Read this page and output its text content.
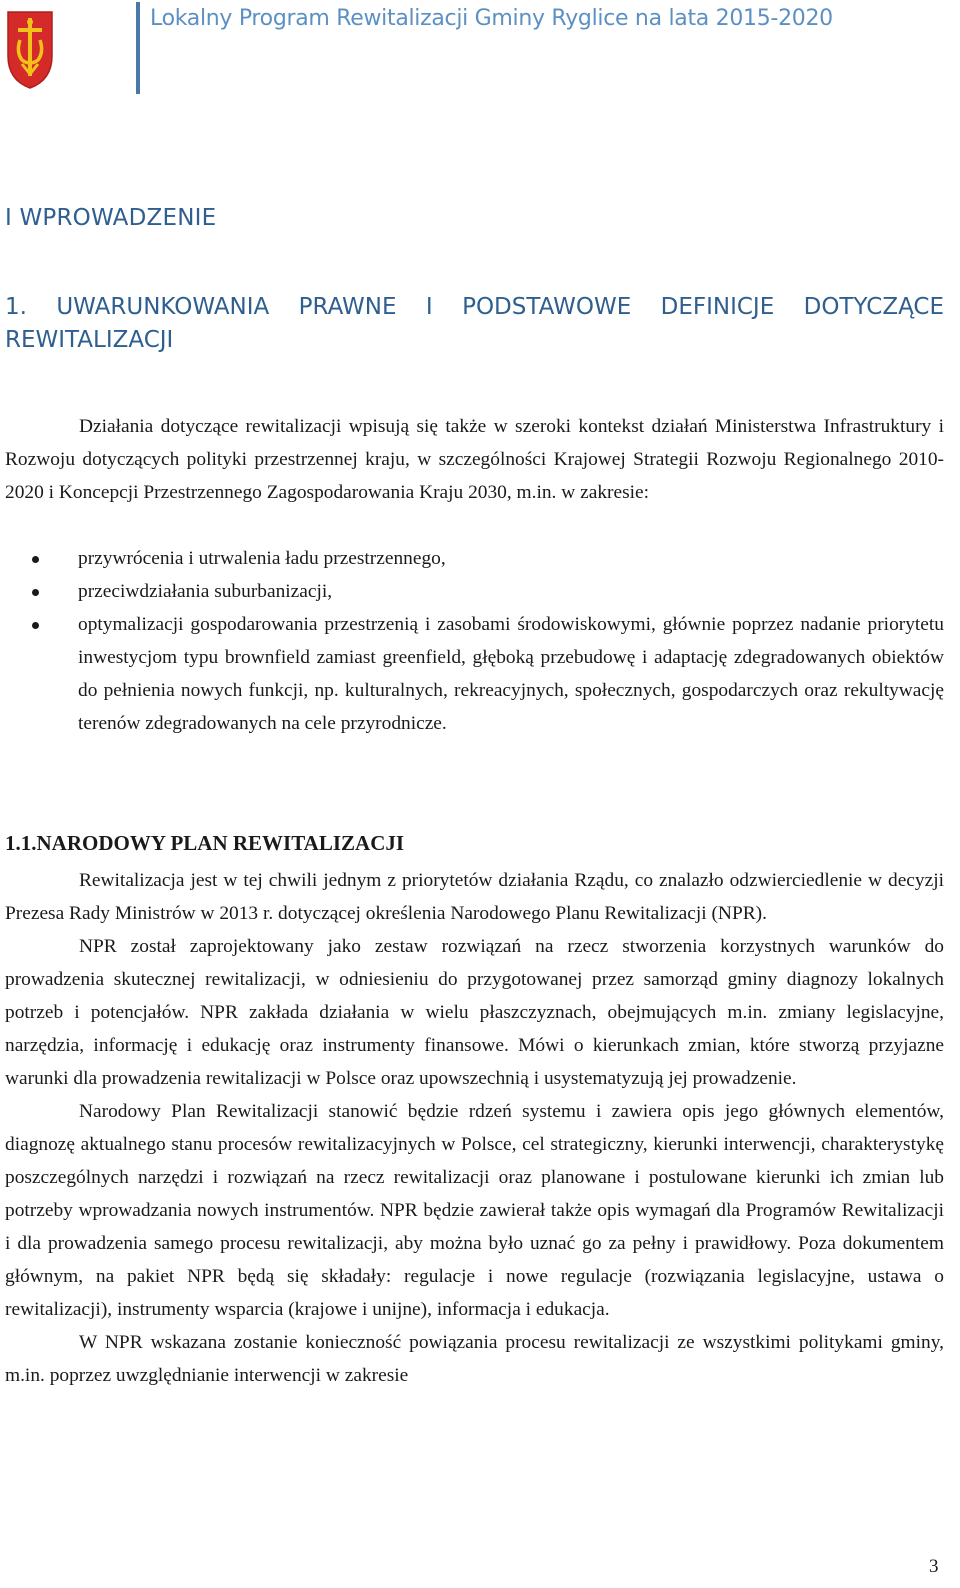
Lokalny Program Rewitalizacji Gminy Ryglice na lata 2015-2020
I WPROWADZENIE
1. UWARUNKOWANIA PRAWNE I PODSTAWOWE DEFINICJE DOTYCZĄCE REWITALIZACJI

Działania dotyczące rewitalizacji wpisują się także w szeroki kontekst działań Ministerstwa Infrastruktury i Rozwoju dotyczących polityki przestrzennej kraju, w szczególności Krajowej Strategii Rozwoju Regionalnego 2010-2020 i Koncepcji Przestrzennego Zagospodarowania Kraju 2030, m.in. w zakresie:

przywrócenia i utrwalenia ładu przestrzennego,
przeciwdziałania suburbanizacji,
optymalizacji gospodarowania przestrzenią i zasobami środowiskowymi, głównie poprzez nadanie priorytetu inwestycjom typu brownfield zamiast greenfield, głęboką przebudowę i adaptację zdegradowanych obiektów do pełnienia nowych funkcji, np. kulturalnych, rekreacyjnych, społecznych, gospodarczych oraz rekultywację terenów zdegradowanych na cele przyrodnicze.
1.1.NARODOWY PLAN REWITALIZACJI

Rewitalizacja jest w tej chwili jednym z priorytetów działania Rządu, co znalazło odzwierciedlenie w decyzji Prezesa Rady Ministrów w 2013 r. dotyczącej określenia Narodowego Planu Rewitalizacji (NPR).

NPR został zaprojektowany jako zestaw rozwiązań na rzecz stworzenia korzystnych warunków do prowadzenia skutecznej rewitalizacji, w odniesieniu do przygotowanej przez samorząd gminy diagnozy lokalnych potrzeb i potencjałów. NPR zakłada działania w wielu płaszczyznach, obejmujących m.in. zmiany legislacyjne, narzędzia, informację i edukację oraz instrumenty finansowe. Mówi o kierunkach zmian, które stworzą przyjazne warunki dla prowadzenia rewitalizacji w Polsce oraz upowszechnią i usystematyzują jej prowadzenie.

Narodowy Plan Rewitalizacji stanowić będzie rdzeń systemu i zawiera opis jego głównych elementów, diagnozę aktualnego stanu procesów rewitalizacyjnych w Polsce, cel strategiczny, kierunki interwencji, charakterystykę poszczególnych narzędzi i rozwiązań na rzecz rewitalizacji oraz planowane i postulowane kierunki ich zmian lub potrzeby wprowadzania nowych instrumentów. NPR będzie zawierał także opis wymagań dla Programów Rewitalizacji i dla prowadzenia samego procesu rewitalizacji, aby można było uznać go za pełny i prawidłowy. Poza dokumentem głównym, na pakiet NPR będą się składały: regulacje i nowe regulacje (rozwiązania legislacyjne, ustawa o rewitalizacji), instrumenty wsparcia (krajowe i unijne), informacja i edukacja.

W NPR wskazana zostanie konieczność powiązania procesu rewitalizacji ze wszystkimi politykami gminy, m.in. poprzez uwzględnianie interwencji w zakresie

3
